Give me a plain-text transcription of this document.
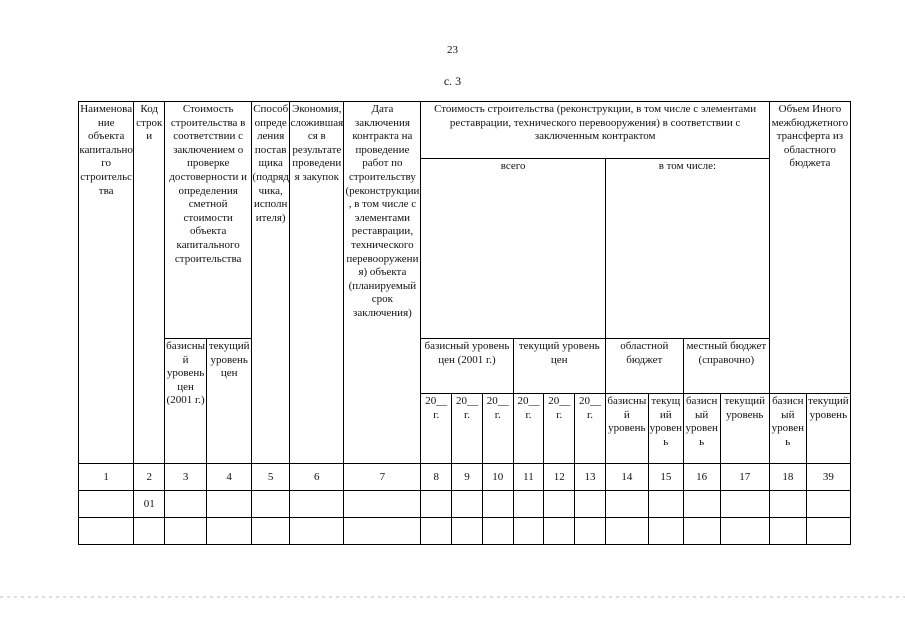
23
с. 3
Наименование объекта капитального строительства	Код строки	Стоимость строительства в соответствии с заключением о проверке достоверности и определения сметной стоимости объекта капитального строительства		Способ определения поставщика (подрядчика, исполнителя)	Экономия, сложившаяся в результате проведения закупок	Дата заключения контракта на проведение работ по строительству (реконструкции, в том числе с элементами реставрации, технического перевооружения) объекта (планируемый срок заключения)	Стоимость строительства (реконструкции, в том числе с элементами реставрации, технического перевооружения) в соответствии с заключенным контрактом										Объем Иного межбюджетного трансферта из областного бюджета	
							всего						в том числе:					
		базисный уровень цен (2001 г.)	текущий уровень цен				базисный уровень цен (2001 г.)			текущий уровень цен			областной бюджет		местный бюджет (справочно)			
							20__ г.	20__ г.	20__ г.	20__ г.	20__ г.	20__ г.	базисный уровень	текущий уровень	базисный уровень	текущий уровень	базисный уровень	текущий уровень
1	2	3	4	5	6	7	8	9	10	11	12	13	14	15	16	17	18	39
	01																	
